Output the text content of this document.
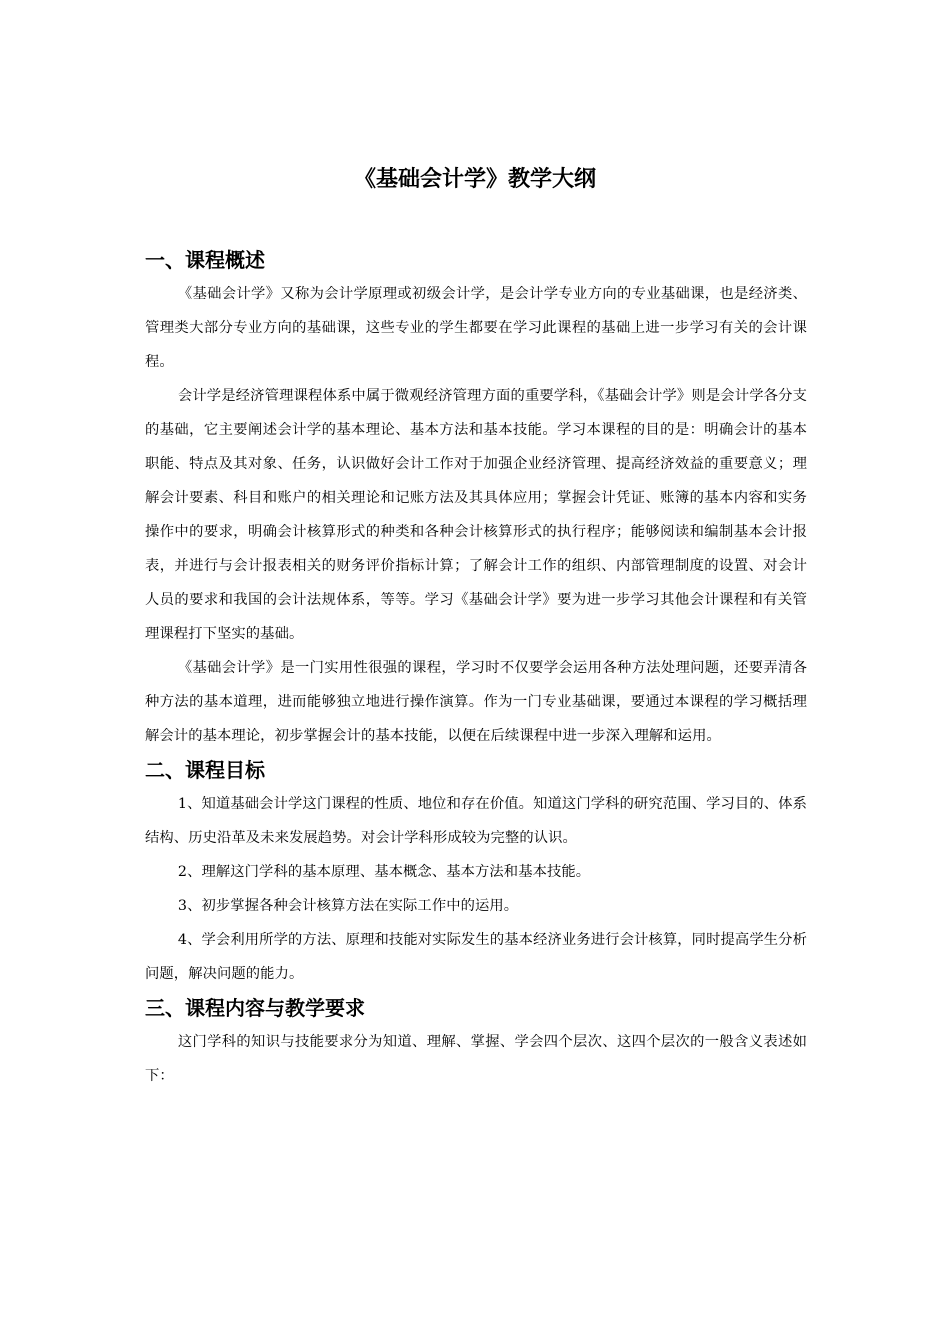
《基础会计学》教学大纲
一、课程概述

《基础会计学》又称为会计学原理或初级会计学，是会计学专业方向的专业基础课，也是经济类、管理类大部分专业方向的基础课，这些专业的学生都要在学习此课程的基础上进一步学习有关的会计课程。

会计学是经济管理课程体系中属于微观经济管理方面的重要学科，《基础会计学》则是会计学各分支的基础，它主要阐述会计学的基本理论、基本方法和基本技能。学习本课程的目的是：明确会计的基本职能、特点及其对象、任务，认识做好会计工作对于加强企业经济管理、提高经济效益的重要意义；理解会计要素、科目和账户的相关理论和记账方法及其具体应用；掌握会计凭证、账簿的基本内容和实务操作中的要求，明确会计核算形式的种类和各种会计核算形式的执行程序；能够阅读和编制基本会计报表，并进行与会计报表相关的财务评价指标计算；了解会计工作的组织、内部管理制度的设置、对会计人员的要求和我国的会计法规体系，等等。学习《基础会计学》要为进一步学习其他会计课程和有关管理课程打下坚实的基础。

《基础会计学》是一门实用性很强的课程，学习时不仅要学会运用各种方法处理问题，还要弄清各种方法的基本道理，进而能够独立地进行操作演算。作为一门专业基础课，要通过本课程的学习概括理解会计的基本理论，初步掌握会计的基本技能，以便在后续课程中进一步深入理解和运用。

二、课程目标

1、知道基础会计学这门课程的性质、地位和存在价值。知道这门学科的研究范围、学习目的、体系结构、历史沿革及未来发展趋势。对会计学科形成较为完整的认识。

2、理解这门学科的基本原理、基本概念、基本方法和基本技能。

3、初步掌握各种会计核算方法在实际工作中的运用。

4、学会利用所学的方法、原理和技能对实际发生的基本经济业务进行会计核算，同时提高学生分析问题，解决问题的能力。

三、课程内容与教学要求

这门学科的知识与技能要求分为知道、理解、掌握、学会四个层次、这四个层次的一般含义表述如下：
